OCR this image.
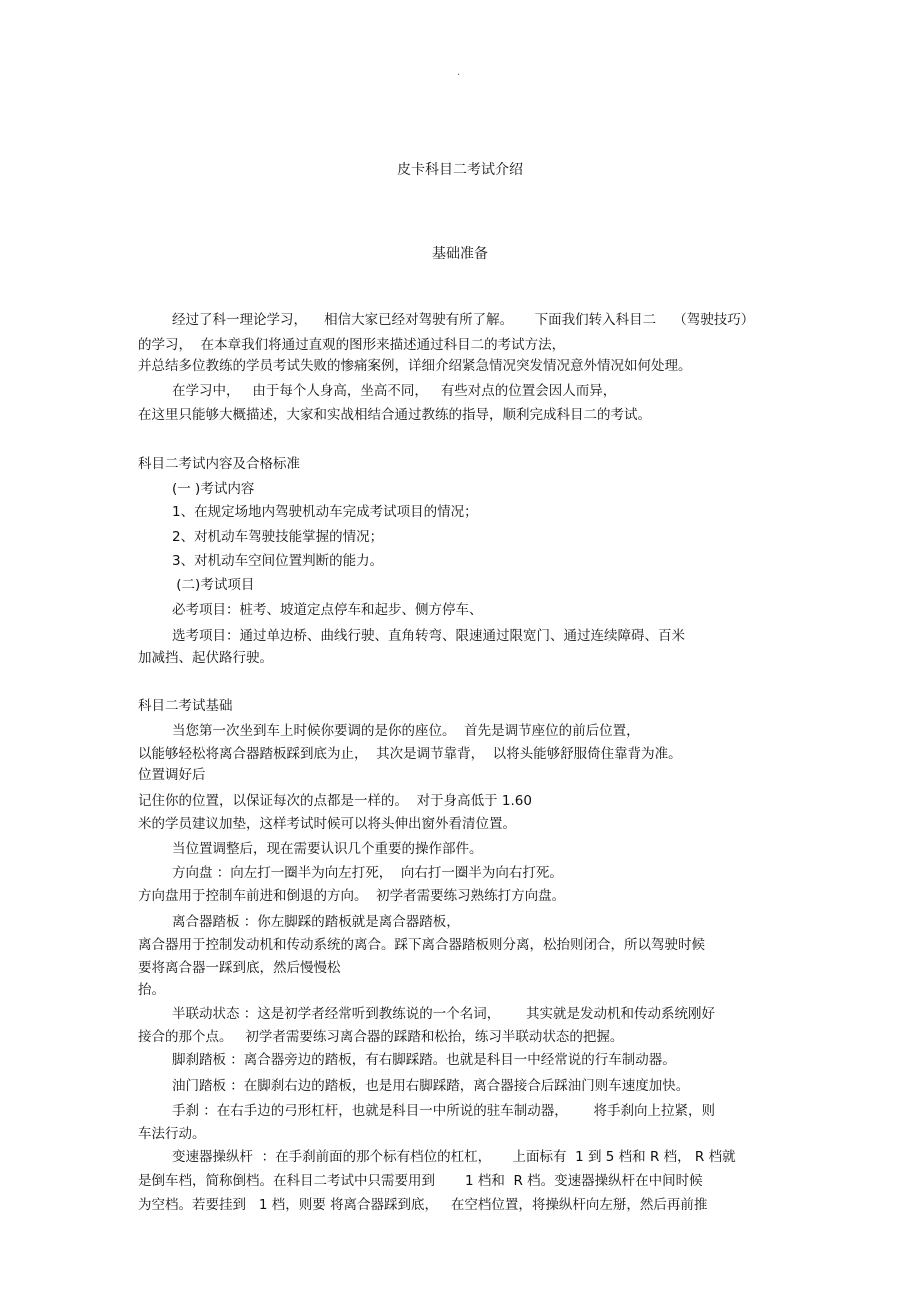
·
皮卡科目二考试介绍
基础准备
经过了科一理论学习，    相信大家已经对驾驶有所了解。     下面我们转入科目二    （驾驶技巧）
的学习，  在本章我们将通过直观的图形来描述通过科目二的考试方法，
并总结多位教练的学员考试失败的惨痛案例，详细介绍紧急情况突发情况意外情况如何处理。
在学习中，   由于每个人身高，坐高不同，   有些对点的位置会因人而异，
在这里只能够大概描述，大家和实战相结合通过教练的指导，顺利完成科目二的考试。
科目二考试内容及合格标准
(一 )考试内容
1、在规定场地内驾驶机动车完成考试项目的情况；
2、对机动车驾驶技能掌握的情况；
3、对机动车空间位置判断的能力。
(二)考试项目
必考项目：桩考、坡道定点停车和起步、侧方停车、
选考项目：通过单边桥、曲线行驶、直角转弯、限速通过限宽门、通过连续障碍、百米
加减挡、起伏路行驶。
科目二考试基础
当您第一次坐到车上时候你要调的是你的座位。  首先是调节座位的前后位置，
以能够轻松将离合器踏板踩到底为止，  其次是调节靠背，  以将头能够舒服倚住靠背为准。
位置调好后
记住你的位置，以保证每次的点都是一样的。  对于身高低于 1.60
米的学员建议加垫，这样考试时候可以将头伸出窗外看清位置。
当位置调整后，现在需要认识几个重要的操作部件。
方向盘 ：向左打一圈半为向左打死，  向右打一圈半为向右打死。
方向盘用于控制车前进和倒退的方向。  初学者需要练习熟练打方向盘。
离合器踏板 ：你左脚踩的踏板就是离合器踏板，
离合器用于控制发动机和传动系统的离合。踩下离合器踏板则分离，松抬则闭合，所以驾驶时候
要将离合器一踩到底，然后慢慢松
抬。
半联动状态 ：这是初学者经常听到教练说的一个名词，      其实就是发动机和传动系统刚好
接合的那个点。   初学者需要练习离合器的踩踏和松抬，练习半联动状态的把握。
脚刹踏板 ：离合器旁边的踏板，有右脚踩踏。也就是科目一中经常说的行车制动器。
油门踏板 ：在脚刹右边的踏板，也是用右脚踩踏，离合器接合后踩油门则车速度加快。
手刹 ：在右手边的弓形杠杆，也就是科目一中所说的驻车制动器，      将手刹向上拉紧，则
车法行动。
变速器操纵杆  ：在手刹前面的那个标有档位的杠杠，     上面标有  1 到 5 档和 R 档， R 档就
是倒车档，简称倒档。在科目二考试中只需要用到       1 档和  R 档。变速器操纵杆在中间时候
为空档。若要挂到   1 档，则要 将离合器踩到底，   在空档位置，将操纵杆向左掰，然后再前推
